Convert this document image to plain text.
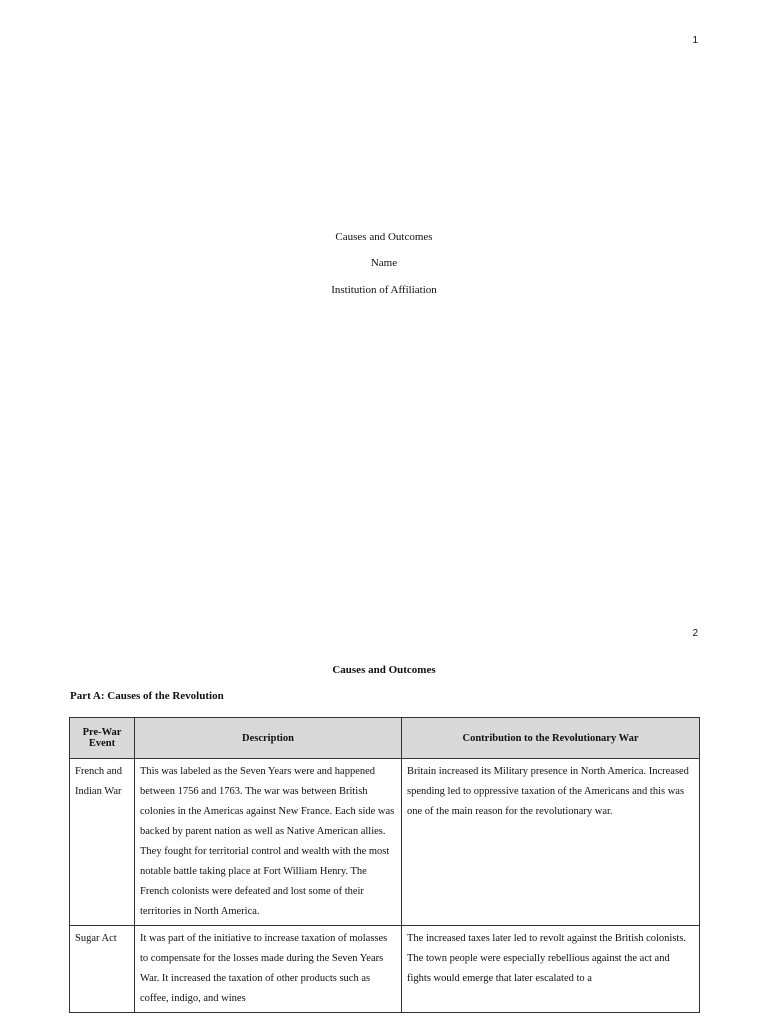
1
Causes and Outcomes
Name
Institution of Affiliation
2
Causes and Outcomes
Part A: Causes of the Revolution
Pre-War Event	Description	Contribution to the Revolutionary War
French and Indian War	This was labeled as the Seven Years were and happened between 1756 and 1763. The war was between British colonies in the Americas against New France. Each side was backed by parent nation as well as Native American allies. They fought for territorial control and wealth with the most notable battle taking place at Fort William Henry. The French colonists were defeated and lost some of their territories in North America.	Britain increased its Military presence in North America. Increased spending led to oppressive taxation of the Americans and this was one of the main reason for the revolutionary war.
Sugar Act	It was part of the initiative to increase taxation of molasses to compensate for the losses made during the Seven Years War. It increased the taxation of other products such as coffee, indigo, and wines	The increased taxes later led to revolt against the British colonists. The town people were especially rebellious against the act and fights would emerge that later escalated to a
